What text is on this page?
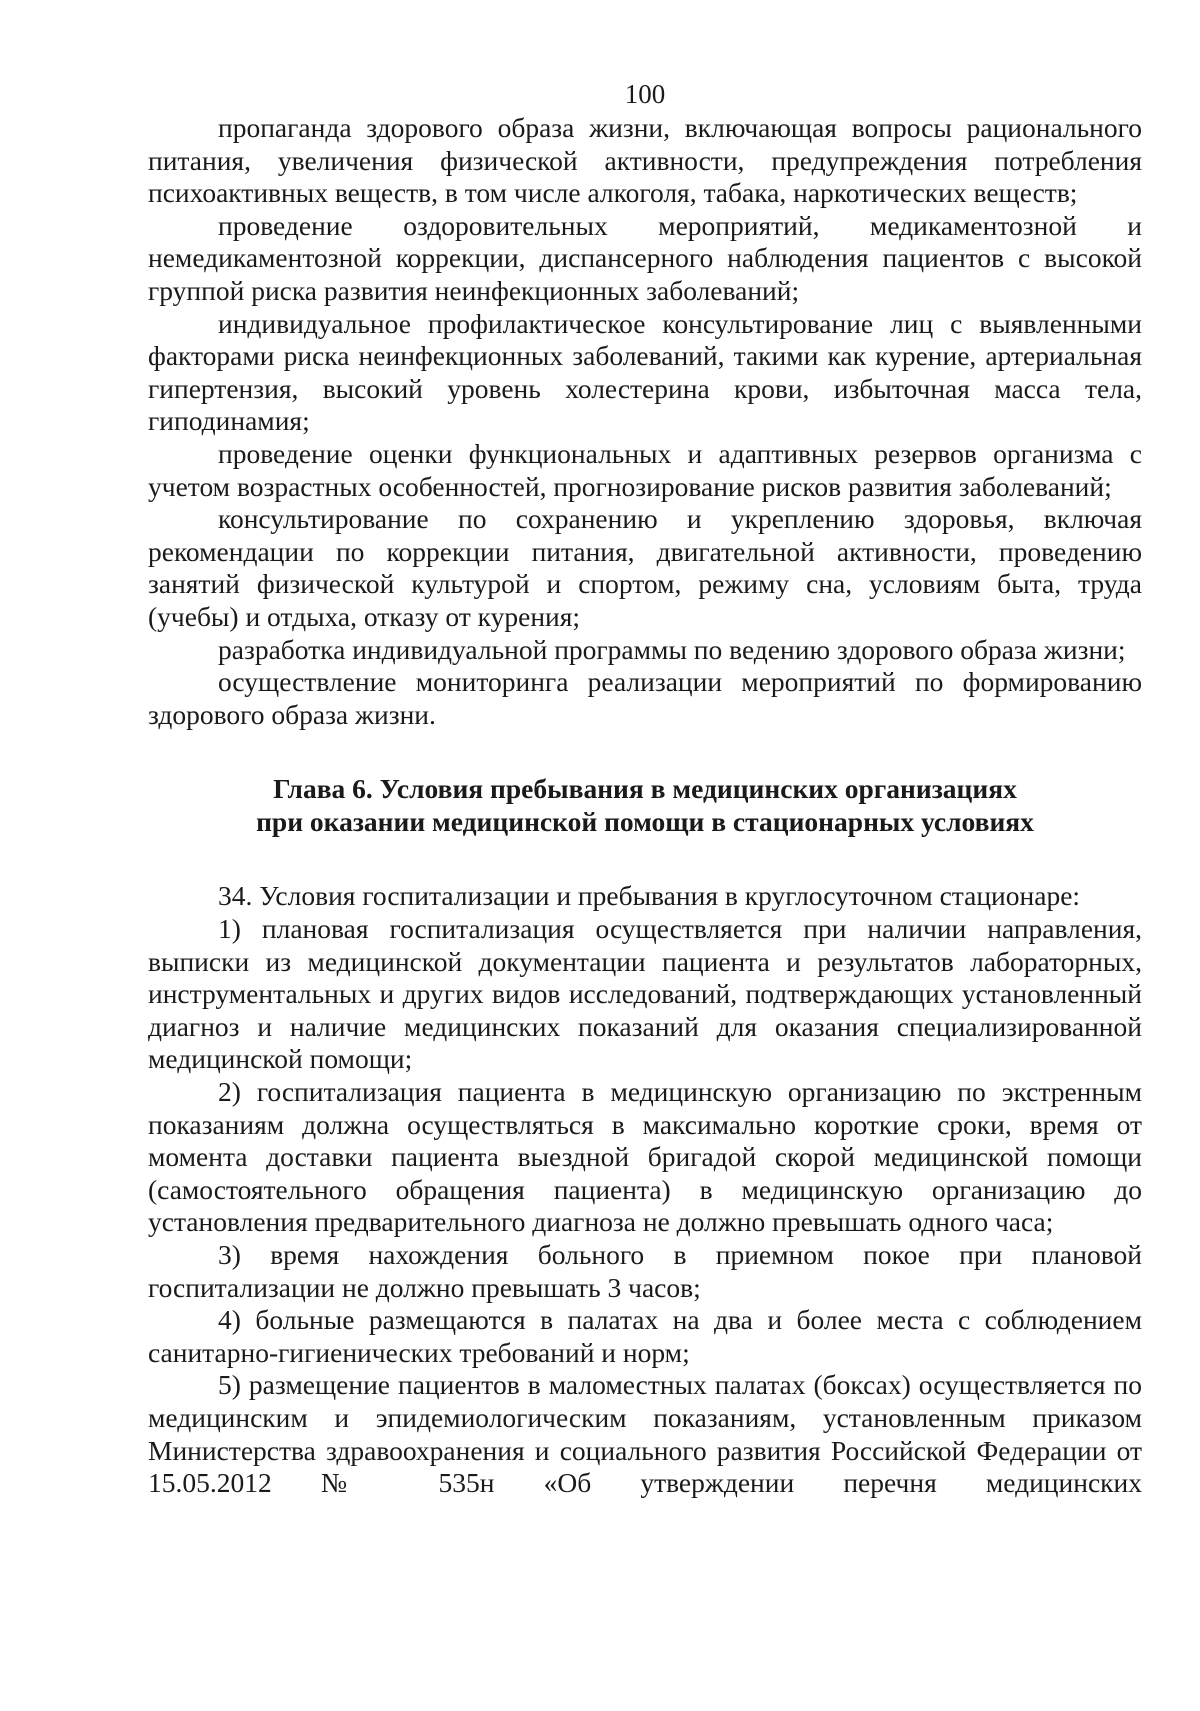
100

пропаганда здорового образа жизни, включающая вопросы рационального питания, увеличения физической активности, предупреждения потребления психоактивных веществ, в том числе алкоголя, табака, наркотических веществ;

проведение оздоровительных мероприятий, медикаментозной и немедикаментозной коррекции, диспансерного наблюдения пациентов с высокой группой риска развития неинфекционных заболеваний;

индивидуальное профилактическое консультирование лиц с выявленными факторами риска неинфекционных заболеваний, такими как курение, артериальная гипертензия, высокий уровень холестерина крови, избыточная масса тела, гиподинамия;

проведение оценки функциональных и адаптивных резервов организма с учетом возрастных особенностей, прогнозирование рисков развития заболеваний;

консультирование по сохранению и укреплению здоровья, включая рекомендации по коррекции питания, двигательной активности, проведению занятий физической культурой и спортом, режиму сна, условиям быта, труда (учебы) и отдыха, отказу от курения;

разработка индивидуальной программы по ведению здорового образа жизни;

осуществление мониторинга реализации мероприятий по формированию здорового образа жизни.

Глава 6. Условия пребывания в медицинских организациях
при оказании медицинской помощи в стационарных условиях

34. Условия госпитализации и пребывания в круглосуточном стационаре:

1) плановая госпитализация осуществляется при наличии направления, выписки из медицинской документации пациента и результатов лабораторных, инструментальных и других видов исследований, подтверждающих установленный диагноз и наличие медицинских показаний для оказания специализированной медицинской помощи;

2) госпитализация пациента в медицинскую организацию по экстренным показаниям должна осуществляться в максимально короткие сроки, время от момента доставки пациента выездной бригадой скорой медицинской помощи (самостоятельного обращения пациента) в медицинскую организацию до установления предварительного диагноза не должно превышать одного часа;

3) время нахождения больного в приемном покое при плановой госпитализации не должно превышать 3 часов;

4) больные размещаются в палатах на два и более места с соблюдением санитарно-гигиенических требований и норм;

5) размещение пациентов в маломестных палатах (боксах) осуществляется по медицинским и эпидемиологическим показаниям, установленным приказом Министерства здравоохранения и социального развития Российской Федерации от 15.05.2012 № 535н «Об утверждении перечня медицинских
